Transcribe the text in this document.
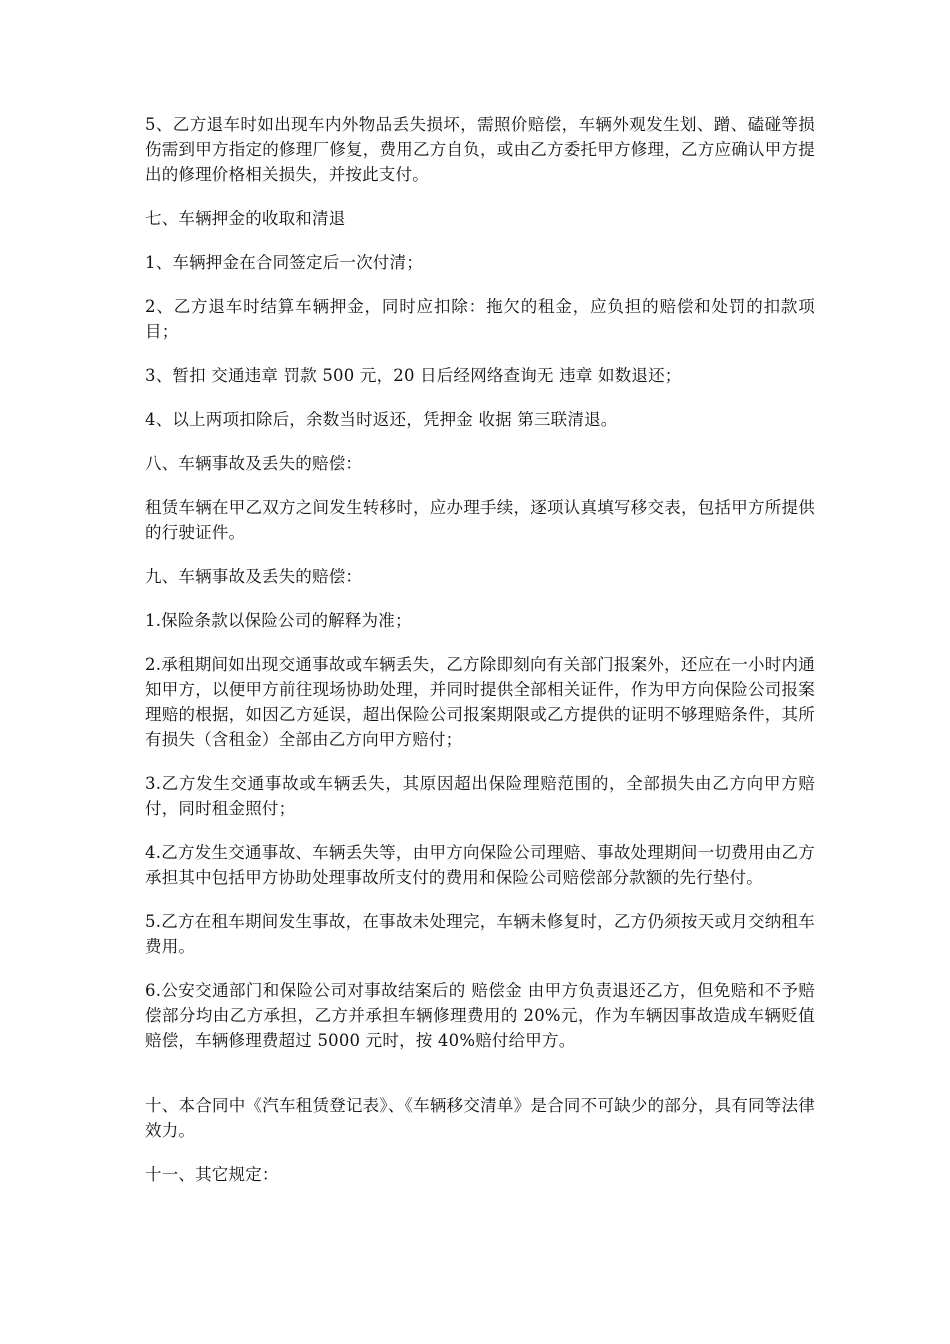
5、乙方退车时如出现车内外物品丢失损坏，需照价赔偿，车辆外观发生划、蹭、磕碰等损伤需到甲方指定的修理厂修复，费用乙方自负，或由乙方委托甲方修理，乙方应确认甲方提出的修理价格相关损失，并按此支付。

七、车辆押金的收取和清退

1、车辆押金在合同签定后一次付清；

2、乙方退车时结算车辆押金，同时应扣除：拖欠的租金，应负担的赔偿和处罚的扣款项目；

3、暂扣 交通违章 罚款 500 元，20 日后经网络查询无 违章 如数退还；

4、以上两项扣除后，余数当时返还，凭押金 收据 第三联清退。

八、车辆事故及丢失的赔偿：

租赁车辆在甲乙双方之间发生转移时，应办理手续，逐项认真填写移交表，包括甲方所提供的行驶证件。

九、车辆事故及丢失的赔偿：

1.保险条款以保险公司的解释为准；

2.承租期间如出现交通事故或车辆丢失，乙方除即刻向有关部门报案外，还应在一小时内通知甲方，以便甲方前往现场协助处理，并同时提供全部相关证件，作为甲方向保险公司报案理赔的根据，如因乙方延误，超出保险公司报案期限或乙方提供的证明不够理赔条件，其所有损失（含租金）全部由乙方向甲方赔付；

3.乙方发生交通事故或车辆丢失，其原因超出保险理赔范围的，全部损失由乙方向甲方赔付，同时租金照付；

4.乙方发生交通事故、车辆丢失等，由甲方向保险公司理赔、事故处理期间一切费用由乙方承担其中包括甲方协助处理事故所支付的费用和保险公司赔偿部分款额的先行垫付。

5.乙方在租车期间发生事故，在事故未处理完，车辆未修复时，乙方仍须按天或月交纳租车费用。

6.公安交通部门和保险公司对事故结案后的 赔偿金 由甲方负责退还乙方，但免赔和不予赔偿部分均由乙方承担，乙方并承担车辆修理费用的 20%元，作为车辆因事故造成车辆贬值赔偿，车辆修理费超过 5000 元时，按 40%赔付给甲方。

十、本合同中《汽车租赁登记表》、《车辆移交清单》是合同不可缺少的部分，具有同等法律效力。

十一、其它规定：
